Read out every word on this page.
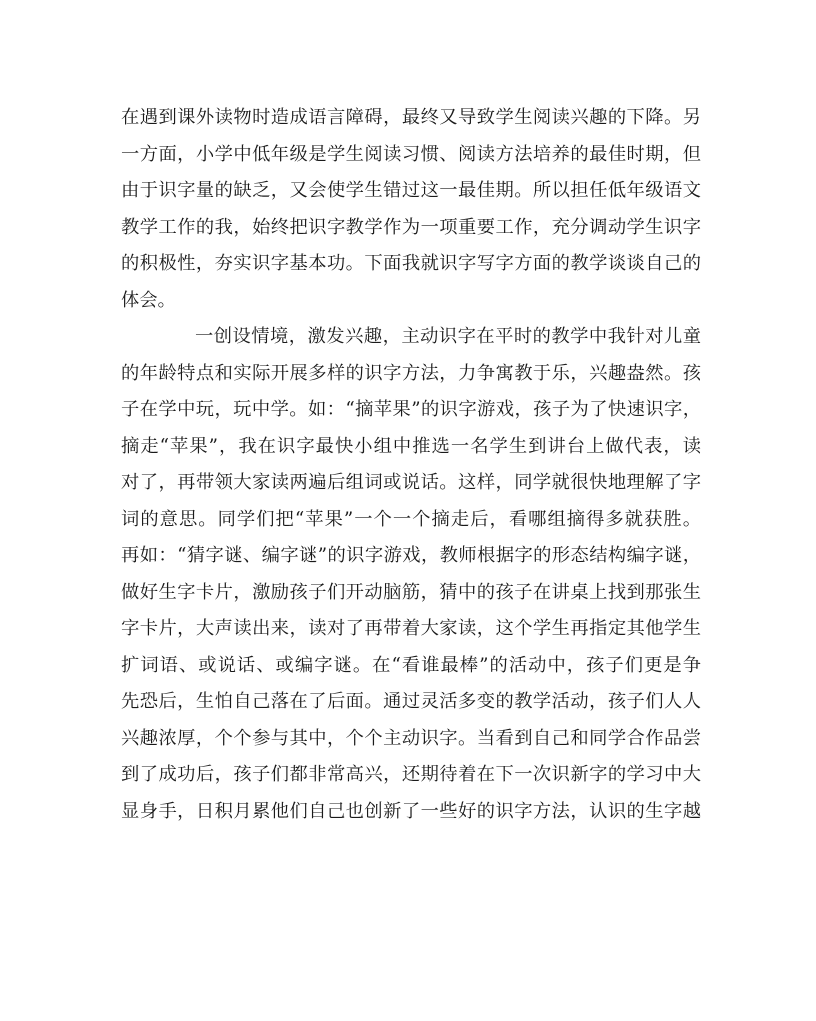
在遇到课外读物时造成语言障碍，最终又导致学生阅读兴趣的下降。另
一方面，小学中低年级是学生阅读习惯、阅读方法培养的最佳时期，但
由于识字量的缺乏，又会使学生错过这一最佳期。所以担任低年级语文
教学工作的我，始终把识字教学作为一项重要工作，充分调动学生识字
的积极性，夯实识字基本功。下面我就识字写字方面的教学谈谈自己的
体会。
一创设情境，激发兴趣，主动识字在平时的教学中我针对儿童
的年龄特点和实际开展多样的识字方法，力争寓教于乐，兴趣盎然。孩
子在学中玩，玩中学。如：“摘苹果”的识字游戏，孩子为了快速识字，
摘走“苹果”，我在识字最快小组中推选一名学生到讲台上做代表，读
对了，再带领大家读两遍后组词或说话。这样，同学就很快地理解了字
词的意思。同学们把“苹果”一个一个摘走后，看哪组摘得多就获胜。
再如：“猜字谜、编字谜”的识字游戏，教师根据字的形态结构编字谜，
做好生字卡片，激励孩子们开动脑筋，猜中的孩子在讲桌上找到那张生
字卡片，大声读出来，读对了再带着大家读，这个学生再指定其他学生
扩词语、或说话、或编字谜。在“看谁最棒”的活动中，孩子们更是争
先恐后，生怕自己落在了后面。通过灵活多变的教学活动，孩子们人人
兴趣浓厚，个个参与其中，个个主动识字。当看到自己和同学合作品尝
到了成功后，孩子们都非常高兴，还期待着在下一次识新字的学习中大
显身手，日积月累他们自己也创新了一些好的识字方法，认识的生字越
